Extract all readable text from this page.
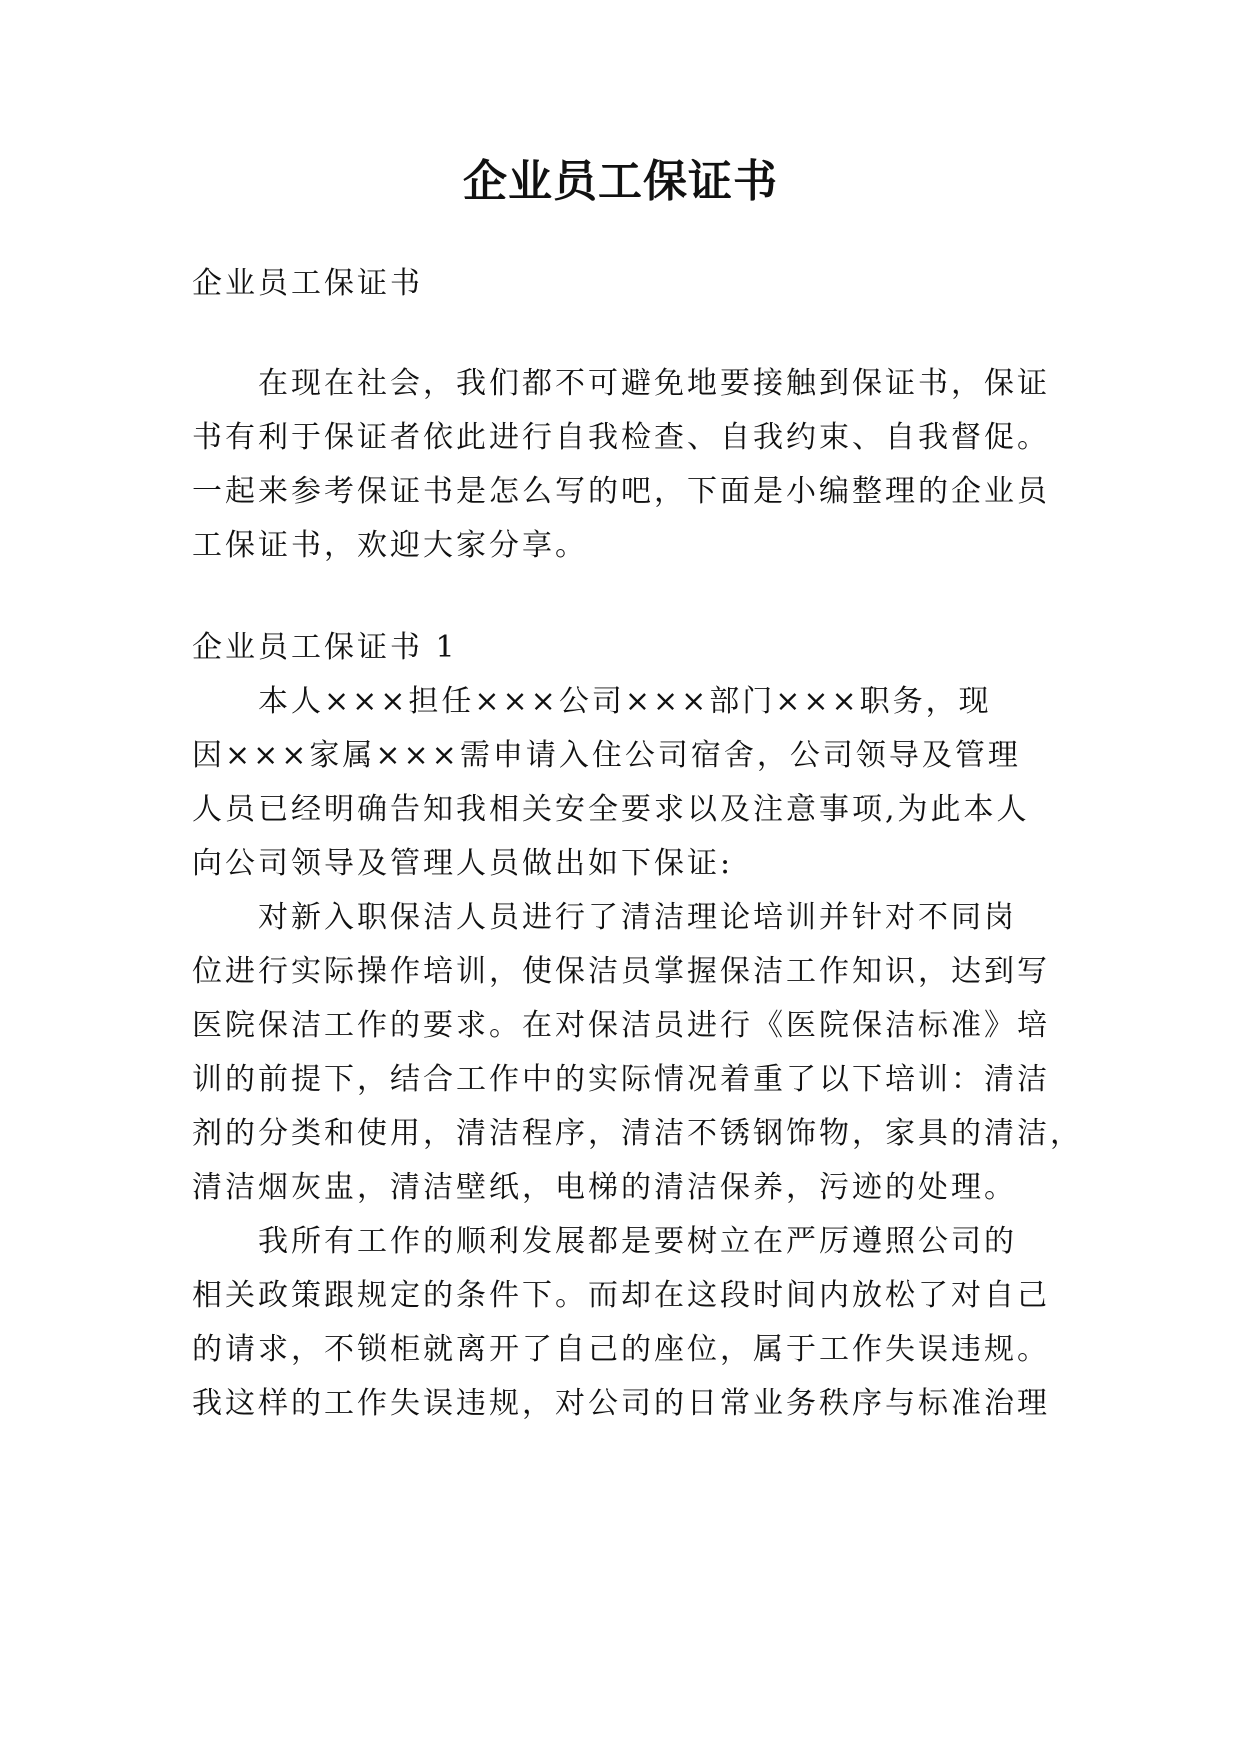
企业员工保证书
企业员工保证书
在现在社会，我们都不可避免地要接触到保证书，保证
书有利于保证者依此进行自我检查、自我约束、自我督促。
一起来参考保证书是怎么写的吧，下面是小编整理的企业员
工保证书，欢迎大家分享。
企业员工保证书 1
本人×××担任×××公司×××部门×××职务，现
因×××家属×××需申请入住公司宿舍，公司领导及管理
人员已经明确告知我相关安全要求以及注意事项,为此本人
向公司领导及管理人员做出如下保证:
对新入职保洁人员进行了清洁理论培训并针对不同岗
位进行实际操作培训，使保洁员掌握保洁工作知识，达到写
医院保洁工作的要求。在对保洁员进行《医院保洁标准》培
训的前提下，结合工作中的实际情况着重了以下培训：清洁
剂的分类和使用，清洁程序，清洁不锈钢饰物，家具的清洁，
清洁烟灰盅，清洁壁纸，电梯的清洁保养，污迹的处理。
我所有工作的顺利发展都是要树立在严厉遵照公司的
相关政策跟规定的条件下。而却在这段时间内放松了对自己
的请求，不锁柜就离开了自己的座位，属于工作失误违规。
我这样的工作失误违规，对公司的日常业务秩序与标准治理
